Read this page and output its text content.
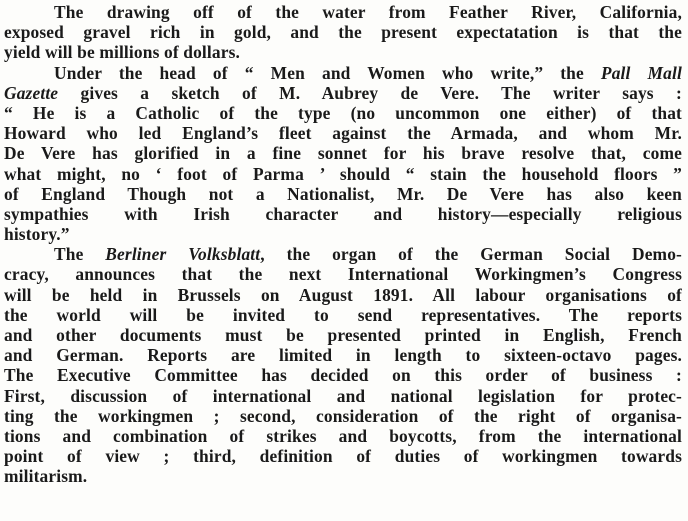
The drawing off of the water from Feather River, California,
exposed gravel rich in gold, and the present expectatation is that the
yield will be millions of dollars.
Under the head of “ Men and Women who write,” the Pall Mall
Gazette gives a sketch of M. Aubrey de Vere. The writer says :
“ He is a Catholic of the type (no uncommon one either) of that
Howard who led England’s fleet against the Armada, and whom Mr.
De Vere has glorified in a fine sonnet for his brave resolve that, come
what might, no ‘ foot of Parma ’ should “ stain the household floors ”
of England Though not a Nationalist, Mr. De Vere has also keen
sympathies with Irish character and history—especially religious
history.”
The Berliner Volksblatt, the organ of the German Social Demo-
cracy, announces that the next International Workingmen’s Congress
will be held in Brussels on August 1891. All labour organisations of
the world will be invited to send representatives. The reports
and other documents must be presented printed in English, French
and German. Reports are limited in length to sixteen-octavo pages.
The Executive Committee has decided on this order of business :
First, discussion of international and national legislation for protec-
ting the workingmen ; second, consideration of the right of organisa-
tions and combination of strikes and boycotts, from the international
point of view ; third, definition of duties of workingmen towards
militarism.
